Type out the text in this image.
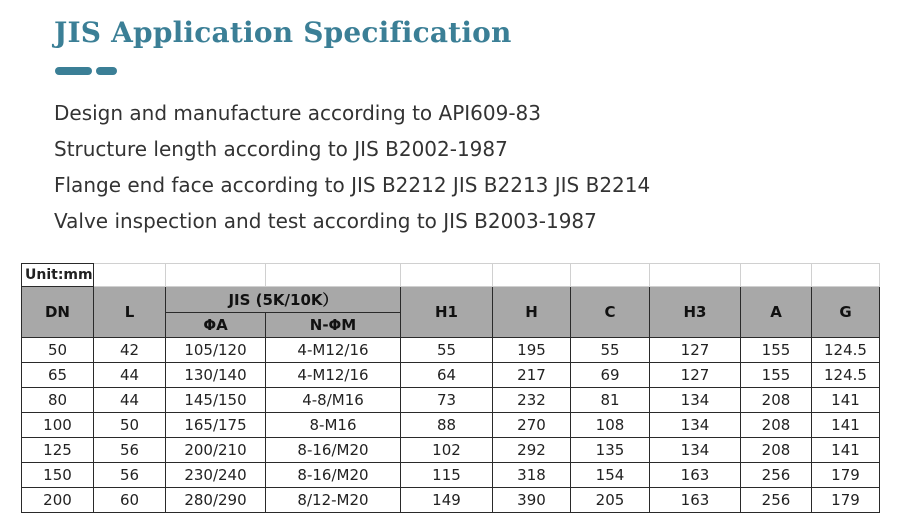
JIS Application Specification
Design and manufacture according to API609-83
Structure length according to JIS B2002-1987
Flange end face according to JIS B2212 JIS B2213 JIS B2214
Valve inspection and test according to JIS B2003-1987
Unit:mm									
DN	L	JIS (5K/10K）		H1	H	C	H3	A	G
		ΦA	N-ΦM						
50	42	105/120	4-M12/16	55	195	55	127	155	124.5
65	44	130/140	4-M12/16	64	217	69	127	155	124.5
80	44	145/150	4-8/M16	73	232	81	134	208	141
100	50	165/175	8-M16	88	270	108	134	208	141
125	56	200/210	8-16/M20	102	292	135	134	208	141
150	56	230/240	8-16/M20	115	318	154	163	256	179
200	60	280/290	8/12-M20	149	390	205	163	256	179
